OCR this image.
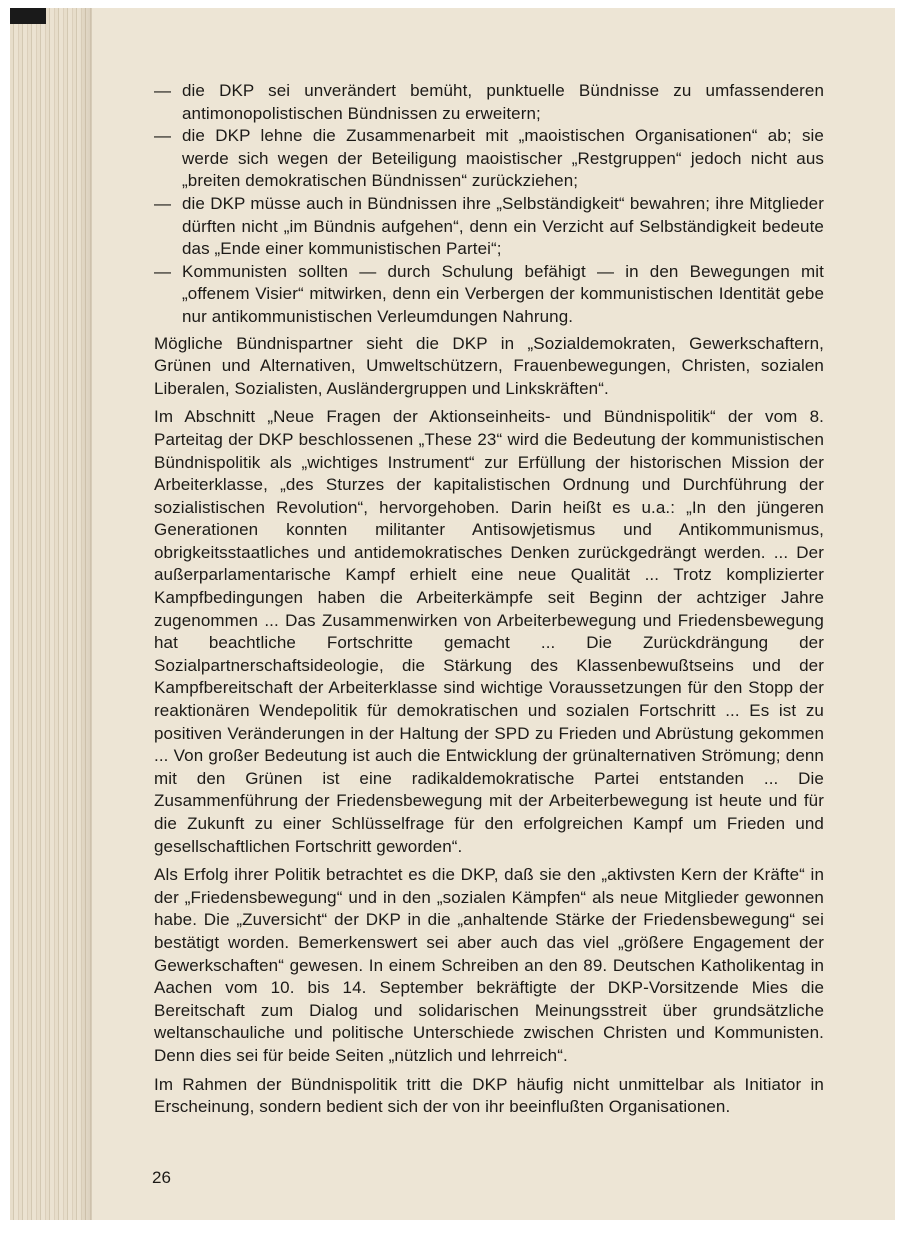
— die DKP sei unverändert bemüht, punktuelle Bündnisse zu umfassenderen antimonopolistischen Bündnissen zu erweitern;
— die DKP lehne die Zusammenarbeit mit „maoistischen Organisationen“ ab; sie werde sich wegen der Beteiligung maoistischer „Restgruppen“ jedoch nicht aus „breiten demokratischen Bündnissen“ zurückziehen;
— die DKP müsse auch in Bündnissen ihre „Selbständigkeit“ bewahren; ihre Mitglieder dürften nicht „im Bündnis aufgehen“, denn ein Verzicht auf Selbständigkeit bedeute das „Ende einer kommunistischen Partei“;
— Kommunisten sollten — durch Schulung befähigt — in den Bewegungen mit „offenem Visier“ mitwirken, denn ein Verbergen der kommunistischen Identität gebe nur antikommunistischen Verleumdungen Nahrung.

Mögliche Bündnispartner sieht die DKP in „Sozialdemokraten, Gewerkschaftern, Grünen und Alternativen, Umweltschützern, Frauenbewegungen, Christen, sozialen Liberalen, Sozialisten, Ausländergruppen und Linkskräften“.

Im Abschnitt „Neue Fragen der Aktionseinheits- und Bündnispolitik“ der vom 8. Parteitag der DKP beschlossenen „These 23“ wird die Bedeutung der kommunistischen Bündnispolitik als „wichtiges Instrument“ zur Erfüllung der historischen Mission der Arbeiterklasse, „des Sturzes der kapitalistischen Ordnung und Durchführung der sozialistischen Revolution“, hervorgehoben. Darin heißt es u.a.: „In den jüngeren Generationen konnten militanter Antisowjetismus und Antikommunismus, obrigkeitsstaatliches und antidemokratisches Denken zurückgedrängt werden. ... Der außerparlamentarische Kampf erhielt eine neue Qualität ... Trotz komplizierter Kampfbedingungen haben die Arbeiterkämpfe seit Beginn der achtziger Jahre zugenommen ... Das Zusammenwirken von Arbeiterbewegung und Friedensbewegung hat beachtliche Fortschritte gemacht ... Die Zurückdrängung der Sozialpartnerschaftsideologie, die Stärkung des Klassenbewußtseins und der Kampfbereitschaft der Arbeiterklasse sind wichtige Voraussetzungen für den Stopp der reaktionären Wendepolitik für demokratischen und sozialen Fortschritt ... Es ist zu positiven Veränderungen in der Haltung der SPD zu Frieden und Abrüstung gekommen ... Von großer Bedeutung ist auch die Entwicklung der grünalternativen Strömung; denn mit den Grünen ist eine radikaldemokratische Partei entstanden ... Die Zusammenführung der Friedensbewegung mit der Arbeiterbewegung ist heute und für die Zukunft zu einer Schlüsselfrage für den erfolgreichen Kampf um Frieden und gesellschaftlichen Fortschritt geworden“.

Als Erfolg ihrer Politik betrachtet es die DKP, daß sie den „aktivsten Kern der Kräfte“ in der „Friedensbewegung“ und in den „sozialen Kämpfen“ als neue Mitglieder gewonnen habe. Die „Zuversicht“ der DKP in die „anhaltende Stärke der Friedensbewegung“ sei bestätigt worden. Bemerkenswert sei aber auch das viel „größere Engagement der Gewerkschaften“ gewesen. In einem Schreiben an den 89. Deutschen Katholikentag in Aachen vom 10. bis 14. September bekräftigte der DKP-Vorsitzende Mies die Bereitschaft zum Dialog und solidarischen Meinungsstreit über grundsätzliche weltanschauliche und politische Unterschiede zwischen Christen und Kommunisten. Denn dies sei für beide Seiten „nützlich und lehrreich“.

Im Rahmen der Bündnispolitik tritt die DKP häufig nicht unmittelbar als Initiator in Erscheinung, sondern bedient sich der von ihr beeinflußten Organisationen.

26
